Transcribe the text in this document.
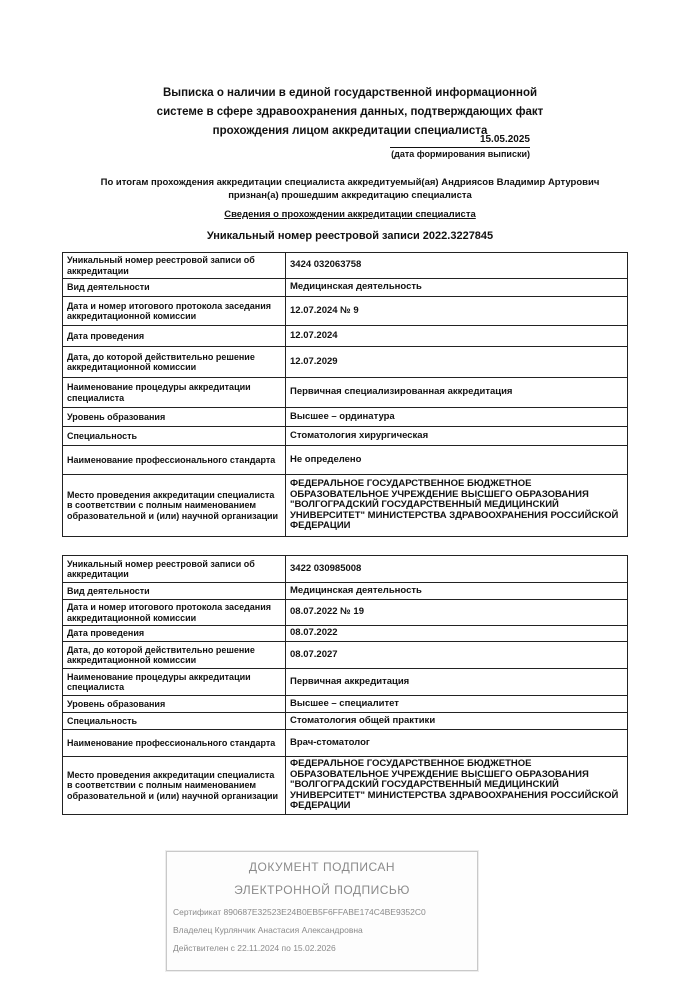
Выписка о наличии в единой государственной информационной
системе в сфере здравоохранения данных, подтверждающих факт
прохождения лицом аккредитации специалиста
15.05.2025
(дата формирования выписки)
По итогам прохождения аккредитации специалиста аккредитуемый(ая) Андриясов Владимир Артурович
признан(а) прошедшим аккредитацию специалиста
Сведения о прохождении аккредитации специалиста
Уникальный номер реестровой записи 2022.3227845
Уникальный номер реестровой записи об аккредитации	3424 032063758
Вид деятельности	Медицинская деятельность
Дата и номер итогового протокола заседания аккредитационной комиссии	12.07.2024 № 9
Дата проведения	12.07.2024
Дата, до которой действительно решение аккредитационной комиссии	12.07.2029
Наименование процедуры аккредитации специалиста	Первичная специализированная аккредитация
Уровень образования	Высшее – ординатура
Специальность	Стоматология хирургическая
Наименование профессионального стандарта	Не определено
Место проведения аккредитации специалиста в соответствии с полным наименованием образовательной и (или) научной организации	ФЕДЕРАЛЬНОЕ ГОСУДАРСТВЕННОЕ БЮДЖЕТНОЕ ОБРАЗОВАТЕЛЬНОЕ УЧРЕЖДЕНИЕ ВЫСШЕГО ОБРАЗОВАНИЯ "ВОЛГОГРАДСКИЙ ГОСУДАРСТВЕННЫЙ МЕДИЦИНСКИЙ УНИВЕРСИТЕТ" МИНИСТЕРСТВА ЗДРАВООХРАНЕНИЯ РОССИЙСКОЙ ФЕДЕРАЦИИ
Уникальный номер реестровой записи об аккредитации	3422 030985008
Вид деятельности	Медицинская деятельность
Дата и номер итогового протокола заседания аккредитационной комиссии	08.07.2022 № 19
Дата проведения	08.07.2022
Дата, до которой действительно решение аккредитационной комиссии	08.07.2027
Наименование процедуры аккредитации специалиста	Первичная аккредитация
Уровень образования	Высшее – специалитет
Специальность	Стоматология общей практики
Наименование профессионального стандарта	Врач-стоматолог
Место проведения аккредитации специалиста в соответствии с полным наименованием образовательной и (или) научной организации	ФЕДЕРАЛЬНОЕ ГОСУДАРСТВЕННОЕ БЮДЖЕТНОЕ ОБРАЗОВАТЕЛЬНОЕ УЧРЕЖДЕНИЕ ВЫСШЕГО ОБРАЗОВАНИЯ "ВОЛГОГРАДСКИЙ ГОСУДАРСТВЕННЫЙ МЕДИЦИНСКИЙ УНИВЕРСИТЕТ" МИНИСТЕРСТВА ЗДРАВООХРАНЕНИЯ РОССИЙСКОЙ ФЕДЕРАЦИИ
ДОКУМЕНТ ПОДПИСАН
ЭЛЕКТРОННОЙ ПОДПИСЬЮ
Сертификат 890687E32523E24B0EB5F6FFABE174C4BE9352C0
Владелец Курлянчик Анастасия Александровна
Действителен с 22.11.2024 по 15.02.2026
